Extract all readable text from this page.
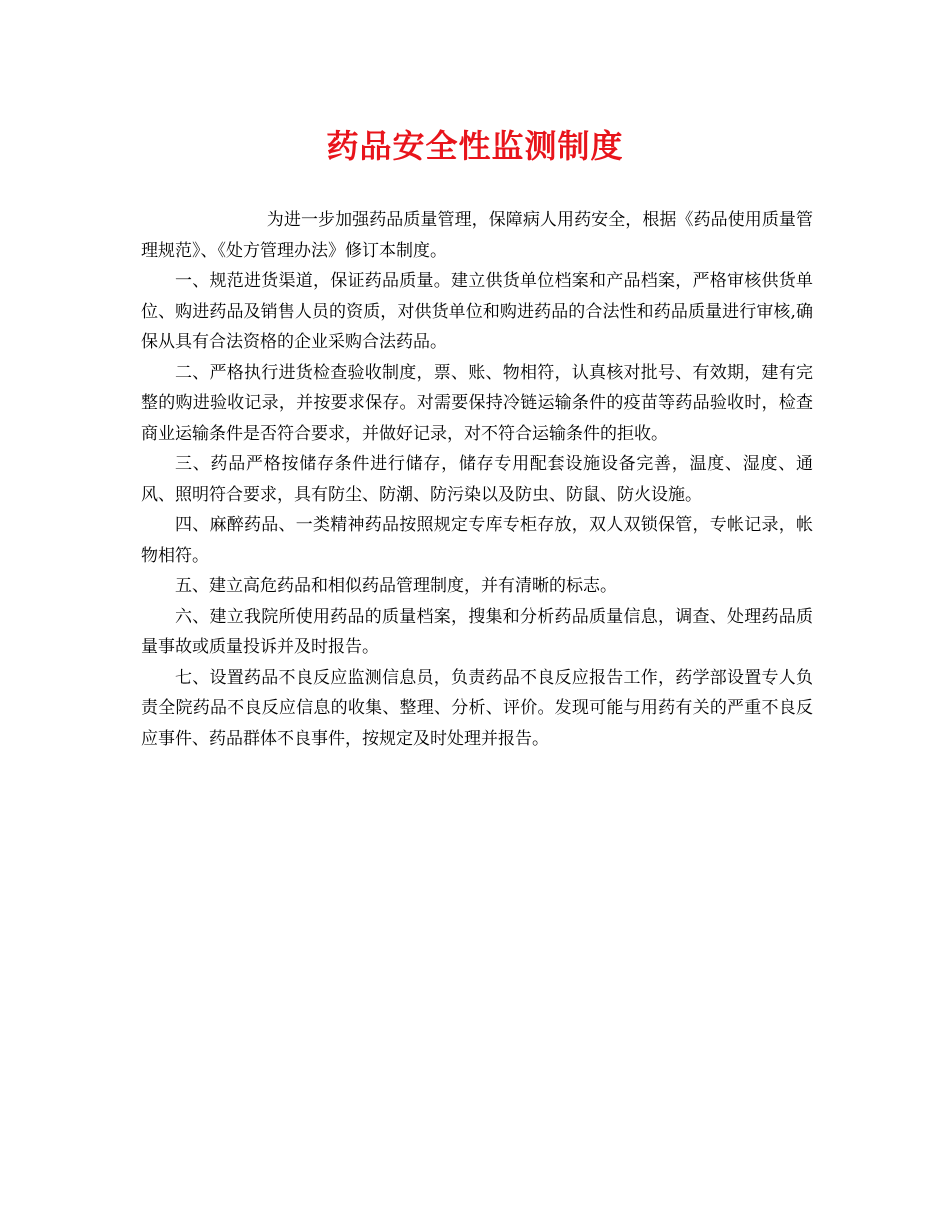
药品安全性监测制度

为进一步加强药品质量管理，保障病人用药安全，根据《药品使用质量管理规范》、《处方管理办法》修订本制度。

一、规范进货渠道，保证药品质量。建立供货单位档案和产品档案，严格审核供货单位、购进药品及销售人员的资质，对供货单位和购进药品的合法性和药品质量进行审核,确保从具有合法资格的企业采购合法药品。

二、严格执行进货检查验收制度，票、账、物相符，认真核对批号、有效期，建有完整的购进验收记录，并按要求保存。对需要保持冷链运输条件的疫苗等药品验收时，检查商业运输条件是否符合要求，并做好记录，对不符合运输条件的拒收。

三、药品严格按储存条件进行储存，储存专用配套设施设备完善，温度、湿度、通风、照明符合要求，具有防尘、防潮、防污染以及防虫、防鼠、防火设施。

四、麻醉药品、一类精神药品按照规定专库专柜存放，双人双锁保管，专帐记录，帐物相符。

五、建立高危药品和相似药品管理制度，并有清晰的标志。

六、建立我院所使用药品的质量档案，搜集和分析药品质量信息，调查、处理药品质量事故或质量投诉并及时报告。

七、设置药品不良反应监测信息员，负责药品不良反应报告工作，药学部设置专人负责全院药品不良反应信息的收集、整理、分析、评价。发现可能与用药有关的严重不良反应事件、药品群体不良事件，按规定及时处理并报告。
